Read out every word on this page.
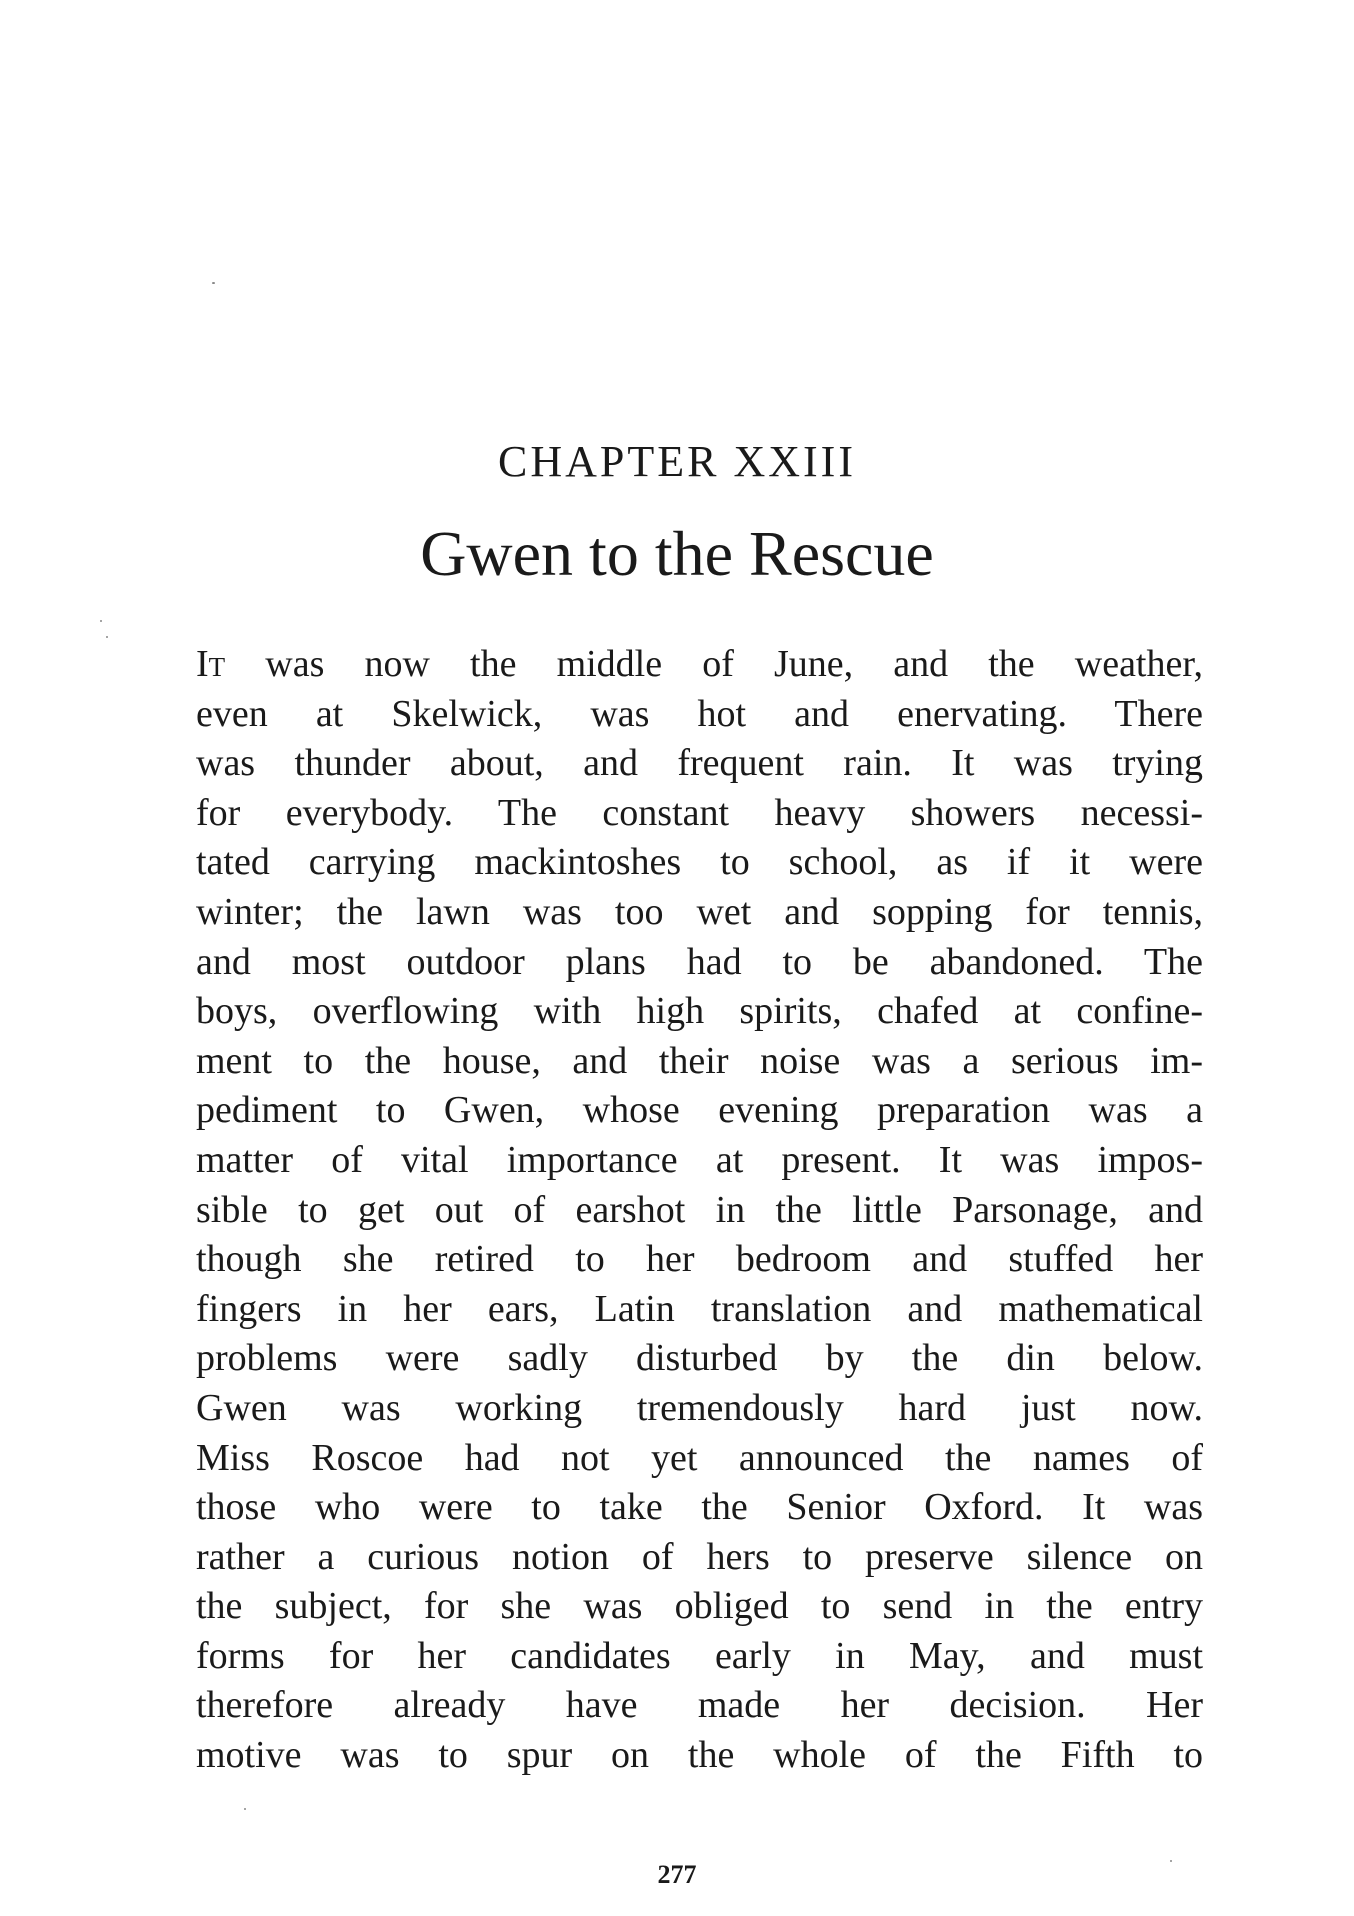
CHAPTER XXIII
Gwen to the Rescue
It was now the middle of June, and the weather,
even at Skelwick, was hot and enervating. There
was thunder about, and frequent rain. It was trying
for everybody. The constant heavy showers necessi-
tated carrying mackintoshes to school, as if it were
winter; the lawn was too wet and sopping for tennis,
and most outdoor plans had to be abandoned. The
boys, overflowing with high spirits, chafed at confine-
ment to the house, and their noise was a serious im-
pediment to Gwen, whose evening preparation was a
matter of vital importance at present. It was impos-
sible to get out of earshot in the little Parsonage, and
though she retired to her bedroom and stuffed her
fingers in her ears, Latin translation and mathematical
problems were sadly disturbed by the din below.
Gwen was working tremendously hard just now.
Miss Roscoe had not yet announced the names of
those who were to take the Senior Oxford. It was
rather a curious notion of hers to preserve silence on
the subject, for she was obliged to send in the entry
forms for her candidates early in May, and must
therefore already have made her decision. Her
motive was to spur on the whole of the Fifth to
277
